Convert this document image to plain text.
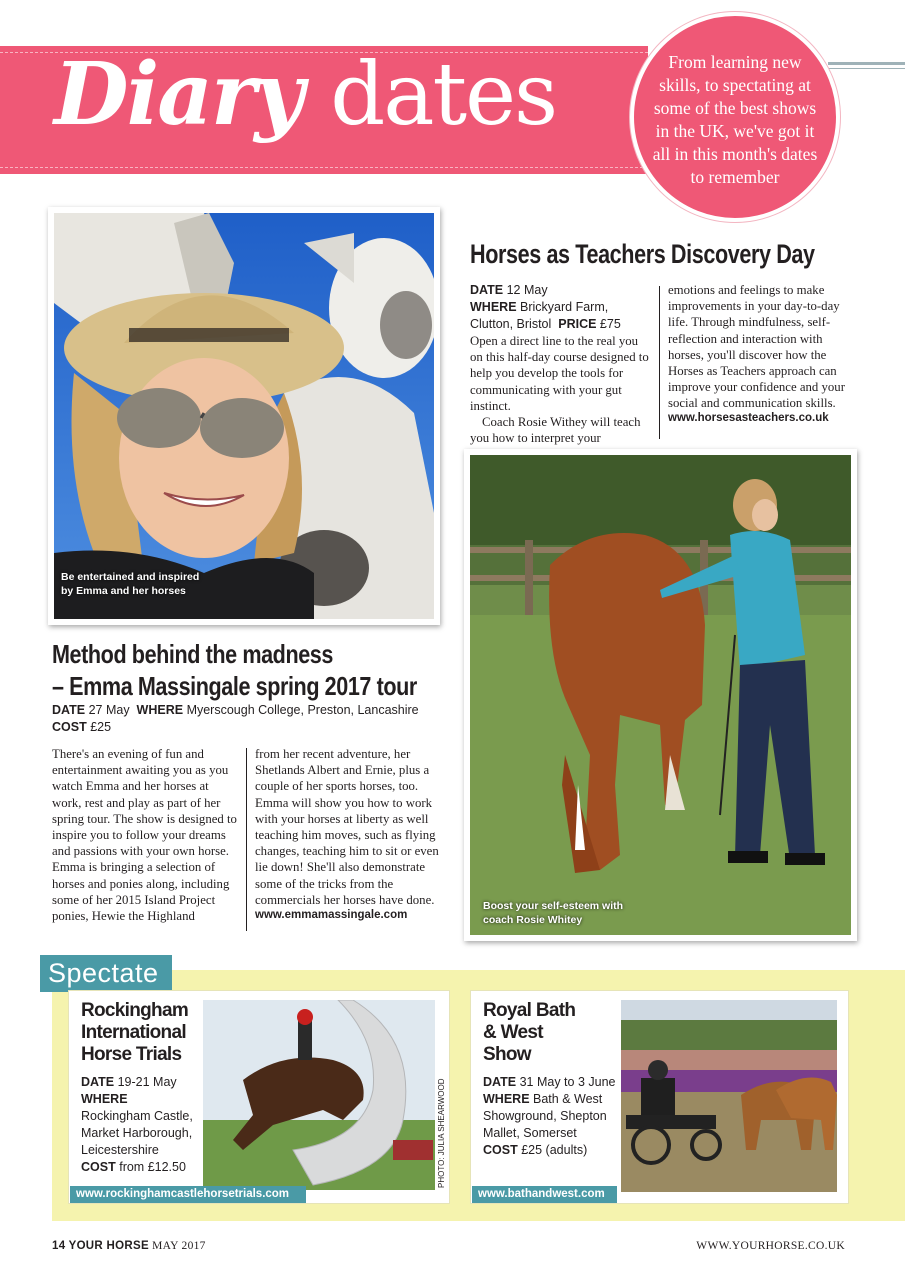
Diary dates	From learning new skills, to spectating at some of the best shows in the UK, we've got it all in this month's dates to remember
Be entertained and inspired by Emma and her horses
Method behind the madness
– Emma Massingale spring 2017 tour
DATE 27 May WHERE Myerscough College, Preston, Lancashire
COST £25

There's an evening of fun and entertainment awaiting you as you watch Emma and her horses at work, rest and play as part of her spring tour. The show is designed to inspire you to follow your dreams and passions with your own horse. Emma is bringing a selection of horses and ponies along, including some of her 2015 Island Project ponies, Hewie the Highland

from her recent adventure, her Shetlands Albert and Ernie, plus a couple of her sports horses, too. Emma will show you how to work with your horses at liberty as well teaching him moves, such as flying changes, teaching him to sit or even lie down! She'll also demonstrate some of the tricks from the commercials her horses have done.

www.emmamassingale.com
Horses as Teachers Discovery Day
DATE 12 May
WHERE Brickyard Farm, Clutton, Bristol PRICE £75

Open a direct line to the real you on this half-day course designed to help you develop the tools for communicating with your gut instinct.

Coach Rosie Withey will teach you how to interpret your

emotions and feelings to make improvements in your day-to-day life. Through mindfulness, self-reflection and interaction with horses, you'll discover how the Horses as Teachers approach can improve your confidence and your social and communication skills.

www.horsesasteachers.co.uk
Boost your self-esteem with coach Rosie Whitey
Spectate
Rockingham International Horse Trials
DATE 19-21 May
WHERE
Rockingham Castle, Market Harborough, Leicestershire
COST from £12.50	PHOTO: JULIA SHEARWOOD
www.rockinghamcastlehorsetrials.com
Royal Bath & West Show
DATE 31 May to 3 June
WHERE Bath & West Showground, Shepton Mallet, Somerset
COST £25 (adults)
www.bathandwest.com
14 YOUR HORSE MAY 2017	WWW.YOURHORSE.CO.UK
